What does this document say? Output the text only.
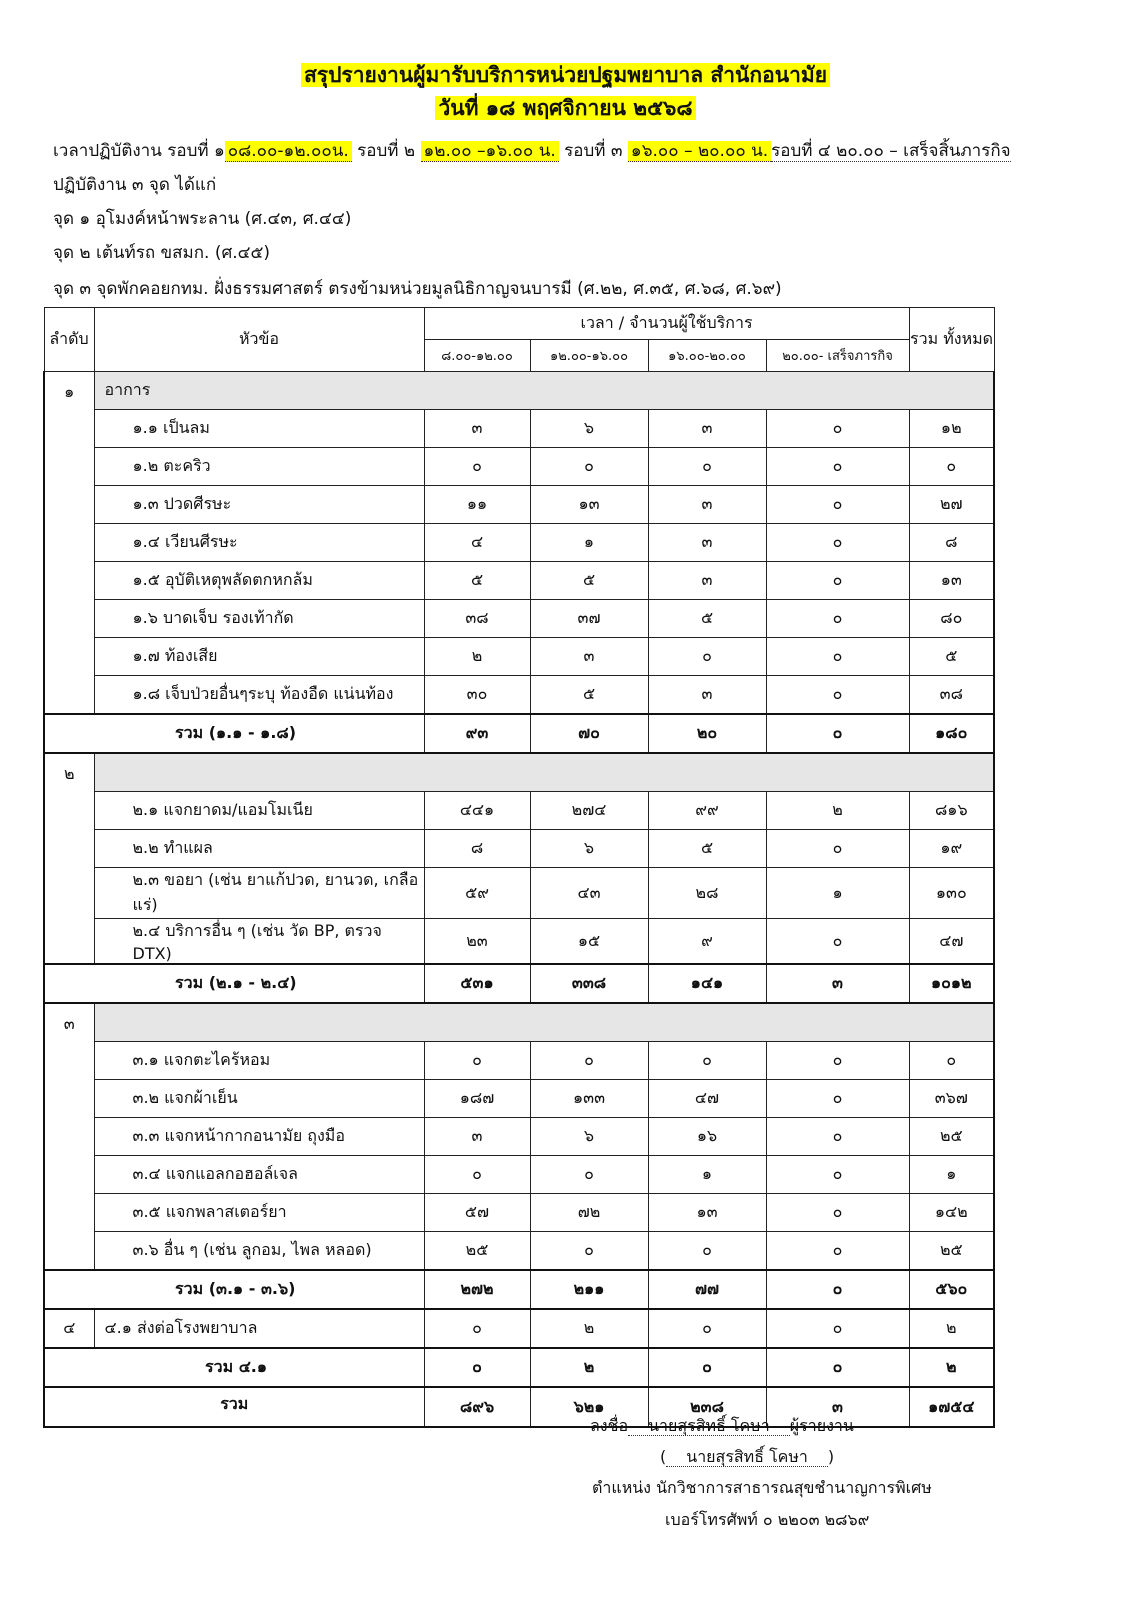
สรุปรายงานผู้มารับบริการหน่วยปฐมพยาบาล สำนักอนามัย
วันที่ ๑๘ พฤศจิกายน ๒๕๖๘
เวลาปฏิบัติงาน รอบที่ ๑ ๐๘.๐๐-๑๒.๐๐น. รอบที่ ๒ ๑๒.๐๐ –๑๖.๐๐ น. รอบที่ ๓ ๑๖.๐๐ – ๒๐.๐๐ น. รอบที่ ๔ ๒๐.๐๐ – เสร็จสิ้นภารกิจ
ปฏิบัติงาน ๓ จุด ได้แก่
จุด ๑ อุโมงค์หน้าพระลาน (ศ.๔๓, ศ.๔๔)
จุด ๒ เต้นท์รถ ขสมก. (ศ.๔๕)
จุด ๓ จุดพักคอยกทม. ฝั่งธรรมศาสตร์ ตรงข้ามหน่วยมูลนิธิกาญจนบารมี (ศ.๒๒, ศ.๓๕, ศ.๖๘, ศ.๖๙)
ลำดับ	หัวข้อ	เวลา / จำนวนผู้ใช้บริการ				รวม ทั้งหมด
		๘.๐๐-๑๒.๐๐	๑๒.๐๐-๑๖.๐๐	๑๖.๐๐-๒๐.๐๐	๒๐.๐๐- เสร็จภารกิจ	
๑	อาการ					
	๑.๑ เป็นลม	๓	๖	๓	๐	๑๒
	๑.๒ ตะคริว	๐	๐	๐	๐	๐
	๑.๓ ปวดศีรษะ	๑๑	๑๓	๓	๐	๒๗
	๑.๔ เวียนศีรษะ	๔	๑	๓	๐	๘
	๑.๕ อุบัติเหตุพลัดตกหกล้ม	๕	๕	๓	๐	๑๓
	๑.๖ บาดเจ็บ รองเท้ากัด	๓๘	๓๗	๕	๐	๘๐
	๑.๗ ท้องเสีย	๒	๓	๐	๐	๕
	๑.๘ เจ็บป่วยอื่นๆระบุ ท้องอืด แน่นท้อง	๓๐	๕	๓	๐	๓๘
รวม (๑.๑ - ๑.๘)		๙๓	๗๐	๒๐	๐	๑๘๐
๒						
	๒.๑ แจกยาดม/แอมโมเนีย	๔๔๑	๒๗๔	๙๙	๒	๘๑๖
	๒.๒ ทำแผล	๘	๖	๕	๐	๑๙
	๒.๓ ขอยา (เช่น ยาแก้ปวด, ยานวด, เกลือแร่)	๕๙	๔๓	๒๘	๑	๑๓๐
	๒.๔ บริการอื่น ๆ (เช่น วัด BP, ตรวจ DTX)	๒๓	๑๕	๙	๐	๔๗
รวม (๒.๑ - ๒.๔)		๕๓๑	๓๓๘	๑๔๑	๓	๑๐๑๒
๓						
	๓.๑ แจกตะไคร้หอม	๐	๐	๐	๐	๐
	๓.๒ แจกผ้าเย็น	๑๘๗	๑๓๓	๔๗	๐	๓๖๗
	๓.๓ แจกหน้ากากอนามัย ถุงมือ	๓	๖	๑๖	๐	๒๕
	๓.๔ แจกแอลกอฮอล์เจล	๐	๐	๑	๐	๑
	๓.๕ แจกพลาสเตอร์ยา	๕๗	๗๒	๑๓	๐	๑๔๒
	๓.๖ อื่น ๆ (เช่น ลูกอม, ไพล หลอด)	๒๕	๐	๐	๐	๒๕
รวม (๓.๑ - ๓.๖)		๒๗๒	๒๑๑	๗๗	๐	๕๖๐
๔	๔.๑ ส่งต่อโรงพยาบาล	๐	๒	๐	๐	๒
รวม ๔.๑		๐	๒	๐	๐	๒
รวม		๘๙๖	๖๒๑	๒๓๘	๓	๑๗๕๔
ลงชื่อ นายสุรสิทธิ์ โคษา ผู้รายงาน
( นายสุรสิทธิ์ โคษา )
ตำแหน่ง นักวิชาการสาธารณสุขชำนาญการพิเศษ
เบอร์โทรศัพท์ ๐ ๒๒๐๓ ๒๘๖๙
